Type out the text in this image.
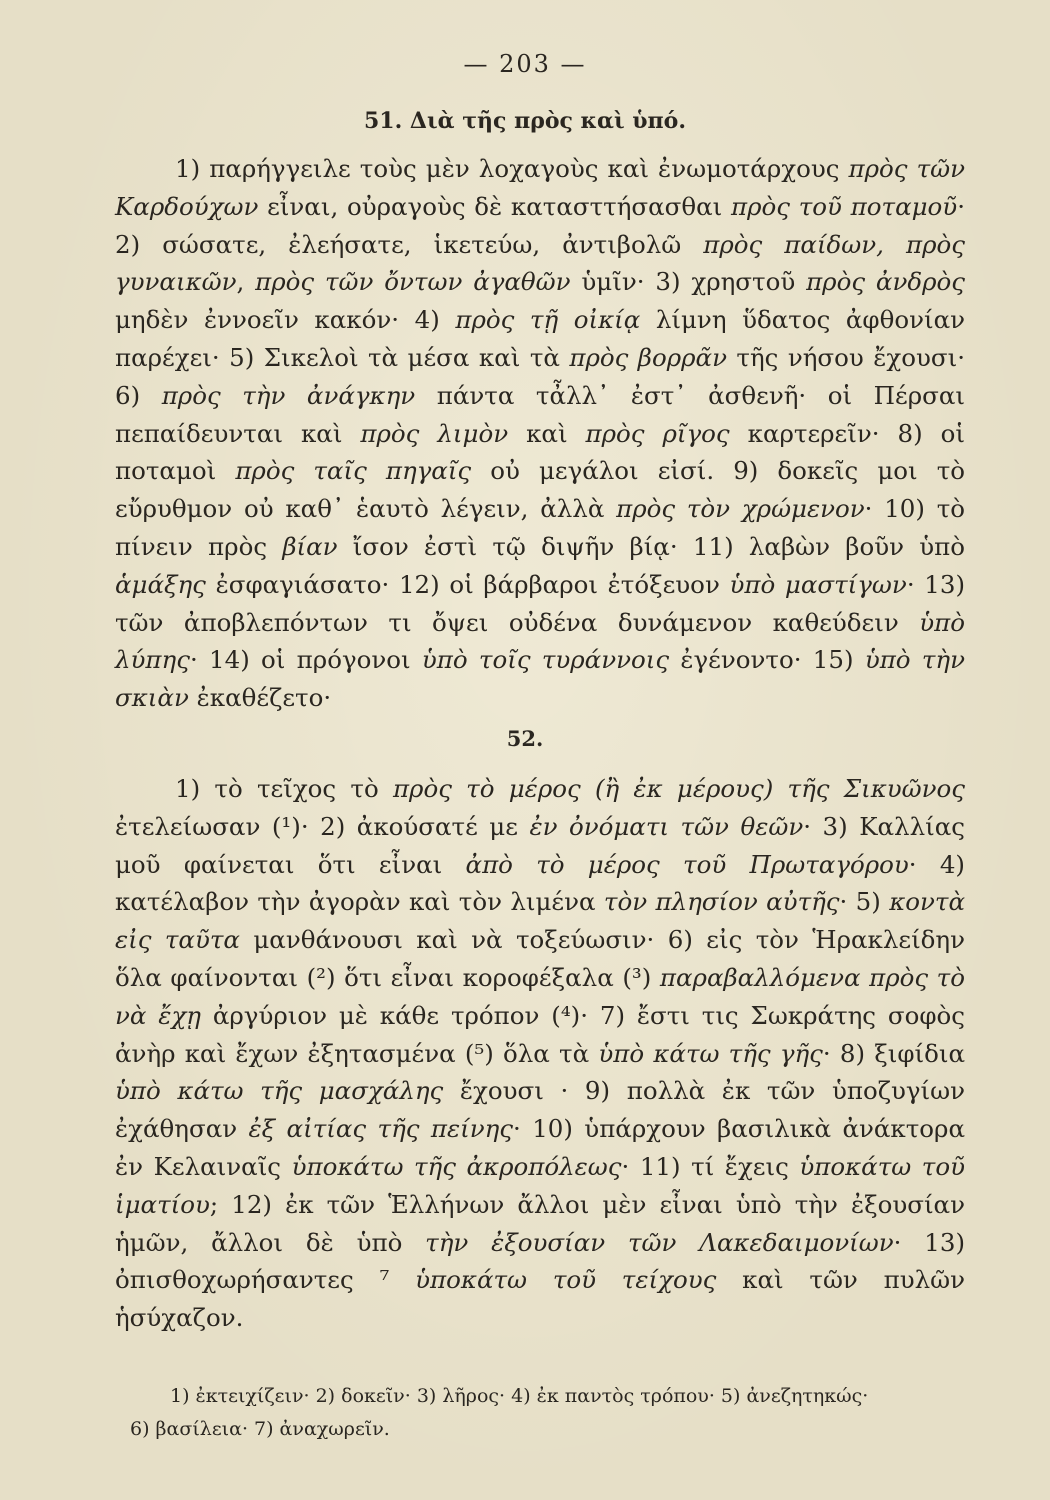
— 203 —
51. Διὰ τῆς πρὸς καὶ ὑπό.
1) παρήγγειλε τοὺς μὲν λοχαγοὺς καὶ ἐνωμοτάρχους πρὸς τῶν Καρδούχων εἶναι, οὐραγοὺς δὲ κατασττήσασθαι πρὸς τοῦ ποταμοῦ· 2) σώσατε, ἐλεήσατε, ἱκετεύω, ἀντιβολῶ πρὸς παίδων, πρὸς γυναικῶν, πρὸς τῶν ὄντων ἀγαθῶν ὑμῖν· 3) χρηστοῦ πρὸς ἀνδρὸς μηδὲν ἐννοεῖν κακόν· 4) πρὸς τῇ οἰκίᾳ λίμνη ὕδατος ἀφθονίαν παρέχει· 5) Σικελοὶ τὰ μέσα καὶ τὰ πρὸς βορρᾶν τῆς νήσου ἔχουσι· 6) πρὸς τὴν ἀνάγκην πάντα τἆλλ᾽ ἐστ᾽ ἀσθενῆ· οἱ Πέρσαι πεπαίδευνται καὶ πρὸς λιμὸν καὶ πρὸς ρῖγος καρτερεῖν· 8) οἱ ποταμοὶ πρὸς ταῖς πηγαῖς οὐ μεγάλοι εἰσί. 9) δοκεῖς μοι τὸ εὔρυθμον οὐ καθ᾽ ἑαυτὸ λέγειν, ἀλλὰ πρὸς τὸν χρώμενον· 10) τὸ πίνειν πρὸς βίαν ἴσον ἐστὶ τῷ διψῆν βίᾳ· 11) λαβὼν βοῦν ὑπὸ ἁμάξης ἐσφαγιάσατο· 12) οἱ βάρβαροι ἐτόξευον ὑπὸ μαστίγων· 13) τῶν ἀποβλεπόντων τι ὄψει οὐδένα δυνάμενον καθεύδειν ὑπὸ λύπης· 14) οἱ πρόγονοι ὑπὸ τοῖς τυράννοις ἐγένοντο· 15) ὑπὸ τὴν σκιὰν ἐκαθέζετο·
52.
1) τὸ τεῖχος τὸ πρὸς τὸ μέρος (ἢ ἐκ μέρους) τῆς Σικυῶνος ἐτελείωσαν (¹)· 2) ἀκούσατέ με ἐν ὀνόματι τῶν θεῶν· 3) Καλλίας μοῦ φαίνεται ὅτι εἶναι ἀπὸ τὸ μέρος τοῦ Πρωταγόρου· 4) κατέλαβον τὴν ἀγορὰν καὶ τὸν λιμένα τὸν πλησίον αὐτῆς· 5) κοντὰ εἰς ταῦτα μανθάνουσι καὶ νὰ τοξεύωσιν· 6) εἰς τὸν Ἡρακλείδην ὅλα φαίνονται (²) ὅτι εἶναι κοροφέξαλα (³) παραβαλλόμενα πρὸς τὸ νὰ ἔχῃ ἀργύριον μὲ κάθε τρόπον (⁴)· 7) ἔστι τις Σωκράτης σοφὸς ἀνὴρ καὶ ἔχων ἐξητασμένα (⁵) ὅλα τὰ ὑπὸ κάτω τῆς γῆς· 8) ξιφίδια ὑπὸ κάτω τῆς μασχάλης ἔχουσι · 9) πολλὰ ἐκ τῶν ὑποζυγίων ἐχάθησαν ἐξ αἰτίας τῆς πείνης· 10) ὑπάρχουν βασιλικὰ ἀνάκτορα ἐν Κελαιναῖς ὑποκάτω τῆς ἀκροπόλεως· 11) τί ἔχεις ὑποκάτω τοῦ ἱματίου; 12) ἐκ τῶν Ἑλλήνων ἄλλοι μὲν εἶναι ὑπὸ τὴν ἐξουσίαν ἡμῶν, ἄλλοι δὲ ὑπὸ τὴν ἐξουσίαν τῶν Λακεδαιμονίων· 13) ὀπισθοχωρήσαντες ⁷ ὑποκάτω τοῦ τείχους καὶ τῶν πυλῶν ἡσύχαζον.
1) ἐκτειχίζειν· 2) δοκεῖν· 3) λῆρος· 4) ἐκ παντὸς τρόπου· 5) ἀνεζητηκώς·
6) βασίλεια· 7) ἀναχωρεῖν.
